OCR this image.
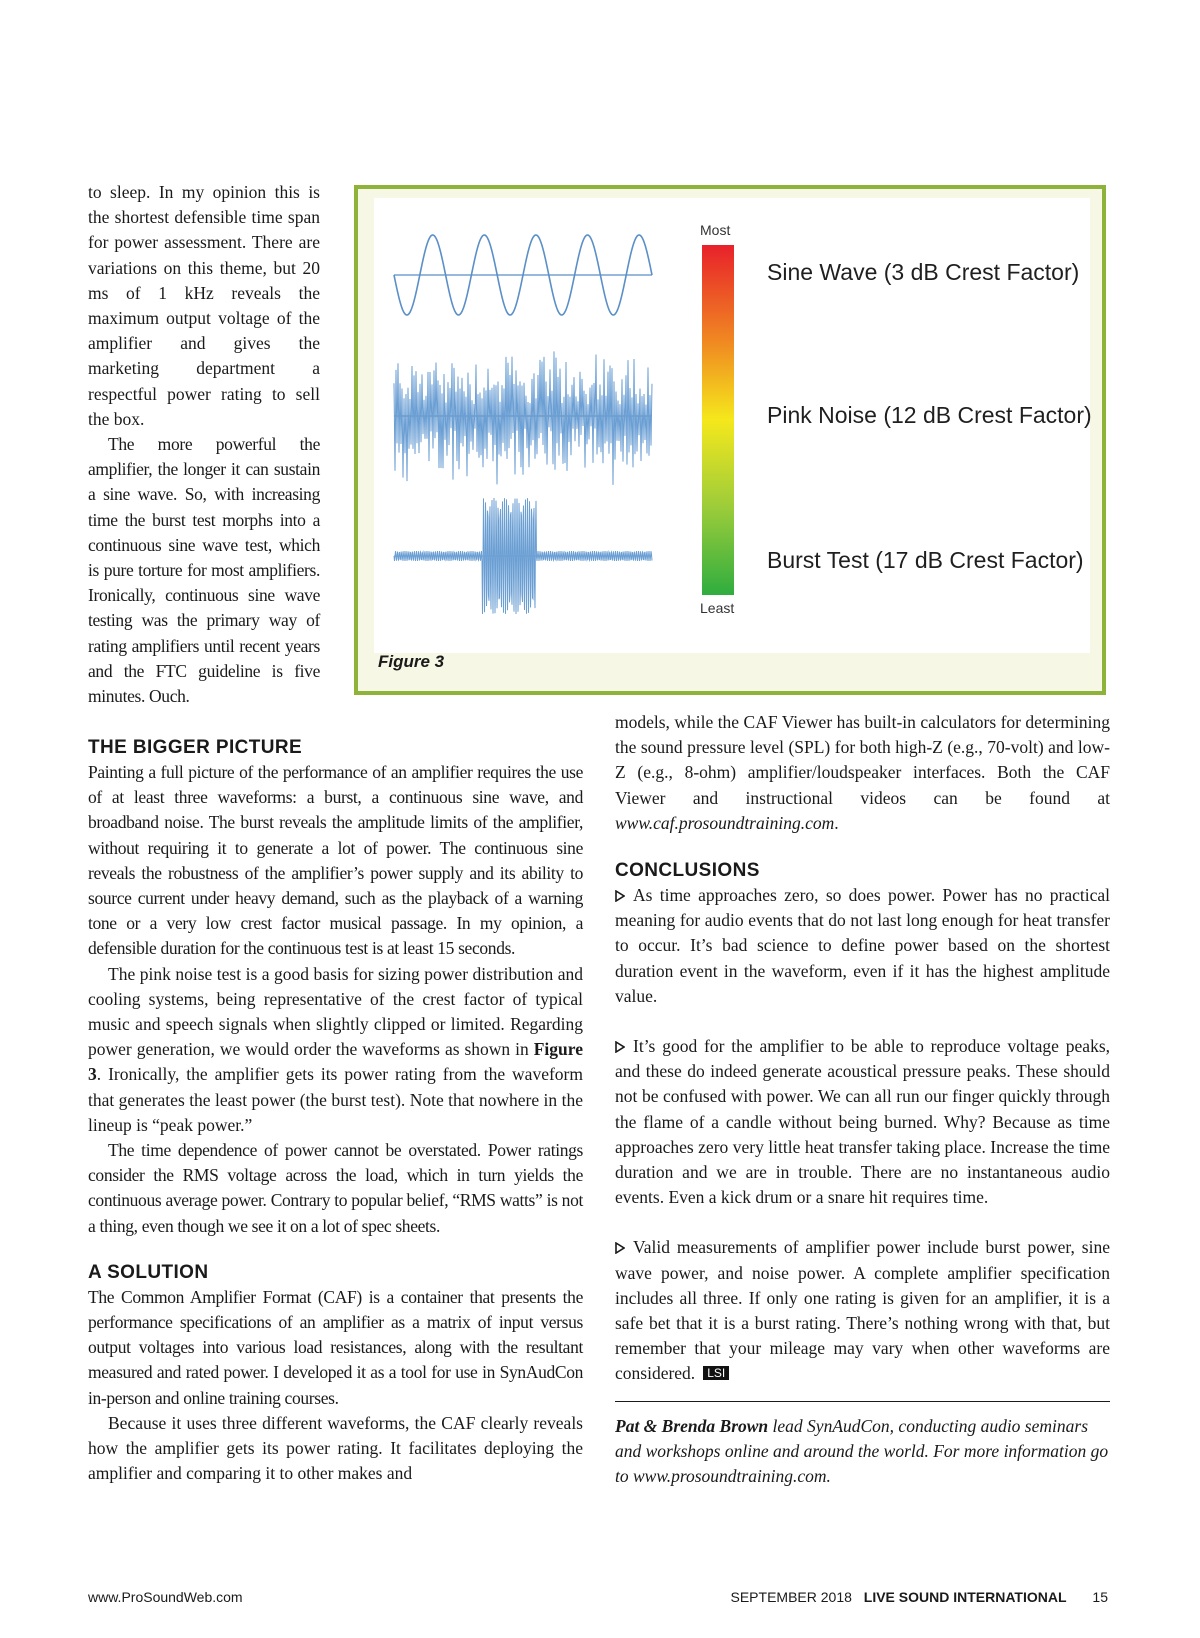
to sleep. In my opinion this is the shortest defensible time span for power assessment. There are variations on this theme, but 20 ms of 1 kHz reveals the maximum output voltage of the amplifier and gives the marketing department a respectful power rating to sell the box.

The more powerful the amplifier, the longer it can sustain a sine wave. So, with increasing time the burst test morphs into a continuous sine wave test, which is pure torture for most amplifiers. Ironically, continuous sine wave testing was the primary way of rating amplifiers until recent years and the FTC guideline is five minutes. Ouch.

Most
Least
Sine Wave (3 dB Crest Factor)
Pink Noise (12 dB Crest Factor)
Burst Test (17 dB Crest Factor)
Figure 3
THE BIGGER PICTURE

Painting a full picture of the performance of an amplifier requires the use of at least three waveforms: a burst, a continuous sine wave, and broadband noise. The burst reveals the amplitude limits of the amplifier, without requiring it to generate a lot of power. The continuous sine reveals the robustness of the amplifier’s power supply and its ability to source current under heavy demand, such as the playback of a warning tone or a very low crest factor musical passage. In my opinion, a defensible duration for the continuous test is at least 15 seconds.

The pink noise test is a good basis for sizing power distribution and cooling systems, being representative of the crest factor of typical music and speech signals when slightly clipped or limited. Regarding power generation, we would order the waveforms as shown in Figure 3. Ironically, the amplifier gets its power rating from the waveform that generates the least power (the burst test). Note that nowhere in the lineup is “peak power.”

The time dependence of power cannot be overstated. Power ratings consider the RMS voltage across the load, which in turn yields the continuous average power. Contrary to popular belief, “RMS watts” is not a thing, even though we see it on a lot of spec sheets.

A SOLUTION

The Common Amplifier Format (CAF) is a container that presents the performance specifications of an amplifier as a matrix of input versus output voltages into various load resistances, along with the resultant measured and rated power. I developed it as a tool for use in SynAudCon in-person and online training courses.

Because it uses three different waveforms, the CAF clearly reveals how the amplifier gets its power rating. It facilitates deploying the amplifier and comparing it to other makes and

models, while the CAF Viewer has built-in calculators for determining the sound pressure level (SPL) for both high-Z (e.g., 70-volt) and low-Z (e.g., 8-ohm) amplifier/loudspeaker interfaces. Both the CAF Viewer and instructional videos can be found at www.caf.prosoundtraining.com.

CONCLUSIONS

As time approaches zero, so does power. Power has no practical meaning for audio events that do not last long enough for heat transfer to occur. It’s bad science to define power based on the shortest duration event in the waveform, even if it has the highest amplitude value.

It’s good for the amplifier to be able to reproduce voltage peaks, and these do indeed generate acoustical pressure peaks. These should not be confused with power. We can all run our finger quickly through the flame of a candle without being burned. Why? Because as time approaches zero very little heat transfer taking place. Increase the time duration and we are in trouble. There are no instantaneous audio events. Even a kick drum or a snare hit requires time.

Valid measurements of amplifier power include burst power, sine wave power, and noise power. A complete amplifier specification includes all three. If only one rating is given for an amplifier, it is a safe bet that it is a burst rating. There’s nothing wrong with that, but remember that your mileage may vary when other waveforms are considered. LSI

Pat & Brenda Brown lead SynAudCon, conducting audio seminars and workshops online and around the world. For more information go to www.prosoundtraining.com.

www.ProSoundWeb.com	SEPTEMBER 2018 LIVE SOUND INTERNATIONAL 15
